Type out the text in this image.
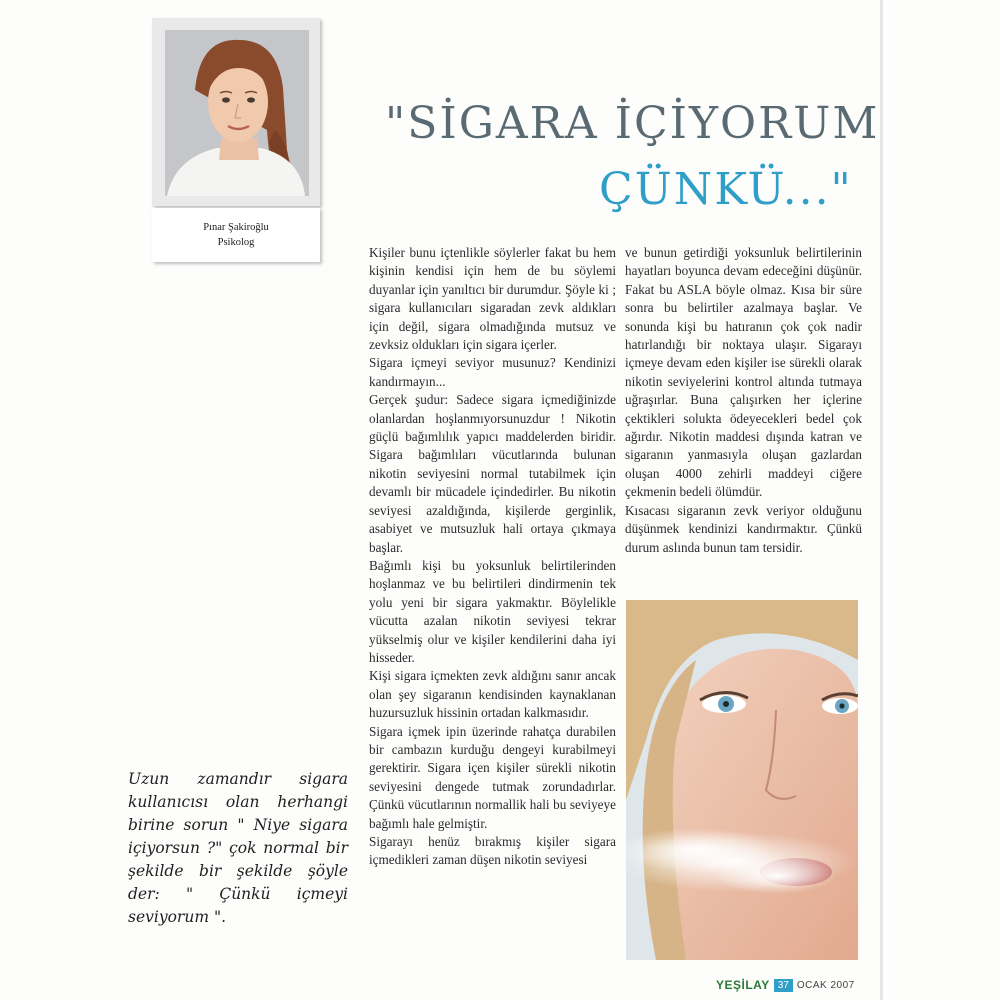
Pınar Şakiroğlu
Psikolog
"SİGARA İÇİYORUM
ÇÜNKÜ..."

Kişiler bunu içtenlikle söylerler fakat bu hem kişinin kendisi için hem de bu söylemi duyanlar için yanıltıcı bir durumdur. Şöyle ki ; sigara kullanıcıları sigaradan zevk aldıkları için değil, sigara olmadığında mutsuz ve zevksiz oldukları için sigara içerler.

Sigara içmeyi seviyor musunuz? Kendinizi kandırmayın...

Gerçek şudur: Sadece sigara içmediğinizde olanlardan hoşlanmıyorsunuzdur ! Nikotin güçlü bağımlılık yapıcı maddelerden biridir. Sigara bağımlıları vücutlarında bulunan nikotin seviyesini normal tutabilmek için devamlı bir mücadele içindedirler. Bu nikotin seviyesi azaldığında, kişilerde gerginlik, asabiyet ve mutsuzluk hali ortaya çıkmaya başlar.

Bağımlı kişi bu yoksunluk belirtilerinden hoşlanmaz ve bu belirtileri dindirmenin tek yolu yeni bir sigara yakmaktır. Böylelikle vücutta azalan nikotin seviyesi tekrar yükselmiş olur ve kişiler kendilerini daha iyi hisseder.

Kişi sigara içmekten zevk aldığını sanır ancak olan şey sigaranın kendisinden kaynaklanan huzursuzluk hissinin ortadan kalkmasıdır.

Sigara içmek ipin üzerinde rahatça durabilen bir cambazın kurduğu dengeyi kurabilmeyi gerektirir. Sigara içen kişiler sürekli nikotin seviyesini dengede tutmak zorundadırlar. Çünkü vücutlarının normallik hali bu seviyeye bağımlı hale gelmiştir.

Sigarayı henüz bırakmış kişiler sigara içmedikleri zaman düşen nikotin seviyesi

ve bunun getirdiği yoksunluk belirtilerinin hayatları boyunca devam edeceğini düşünür. Fakat bu ASLA böyle olmaz. Kısa bir süre sonra bu belirtiler azalmaya başlar. Ve sonunda kişi bu hatıranın çok çok nadir hatırlandığı bir noktaya ulaşır. Sigarayı içmeye devam eden kişiler ise sürekli olarak nikotin seviyelerini kontrol altında tutmaya uğraşırlar. Buna çalışırken her içlerine çektikleri solukta ödeyecekleri bedel çok ağırdır. Nikotin maddesi dışında katran ve sigaranın yanmasıyla oluşan gazlardan oluşan 4000 zehirli maddeyi ciğere çekmenin bedeli ölümdür.

Kısacası sigaranın zevk veriyor olduğunu düşünmek kendinizi kandırmaktır. Çünkü durum aslında bunun tam tersidir.

Uzun zamandır sigara kullanıcısı olan herhangi birine sorun " Niye sigara içiyorsun ?" çok normal bir şekilde bir şekilde şöyle der: " Çünkü içmeyi seviyorum ".
YEŞİLAY 37 OCAK 2007
